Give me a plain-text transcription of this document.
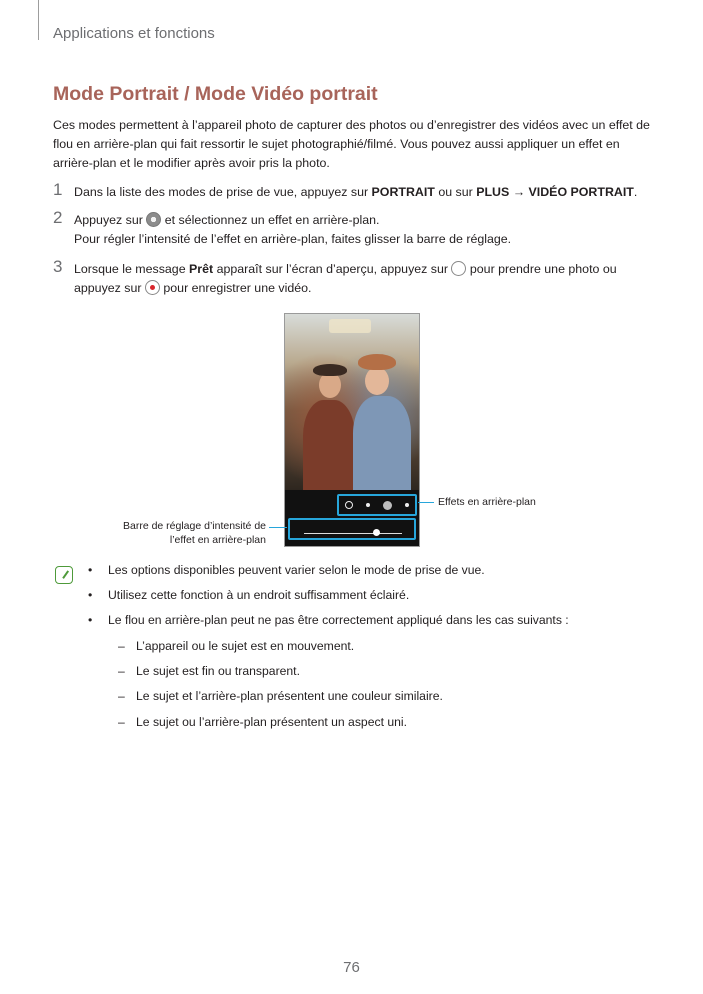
Applications et fonctions
Mode Portrait / Mode Vidéo portrait
Ces modes permettent à l’appareil photo de capturer des photos ou d’enregistrer des vidéos avec un effet de flou en arrière-plan qui fait ressortir le sujet photographié/filmé. Vous pouvez aussi appliquer un effet en arrière-plan et le modifier après avoir pris la photo.
1 Dans la liste des modes de prise de vue, appuyez sur PORTRAIT ou sur PLUS → VIDÉO PORTRAIT.
2 Appuyez sur  et sélectionnez un effet en arrière-plan.
Pour régler l’intensité de l’effet en arrière-plan, faites glisser la barre de réglage.
3 Lorsque le message Prêt apparaît sur l’écran d’aperçu, appuyez sur  pour prendre une photo ou
appuyez sur  pour enregistrer une vidéo.
Effets en arrière-plan
Barre de réglage d’intensité de
l’effet en arrière-plan
• Les options disponibles peuvent varier selon le mode de prise de vue.
• Utilisez cette fonction à un endroit suffisamment éclairé.
• Le flou en arrière-plan peut ne pas être correctement appliqué dans les cas suivants :
– L’appareil ou le sujet est en mouvement.
– Le sujet est fin ou transparent.
– Le sujet et l’arrière-plan présentent une couleur similaire.
– Le sujet ou l’arrière-plan présentent un aspect uni.
76
